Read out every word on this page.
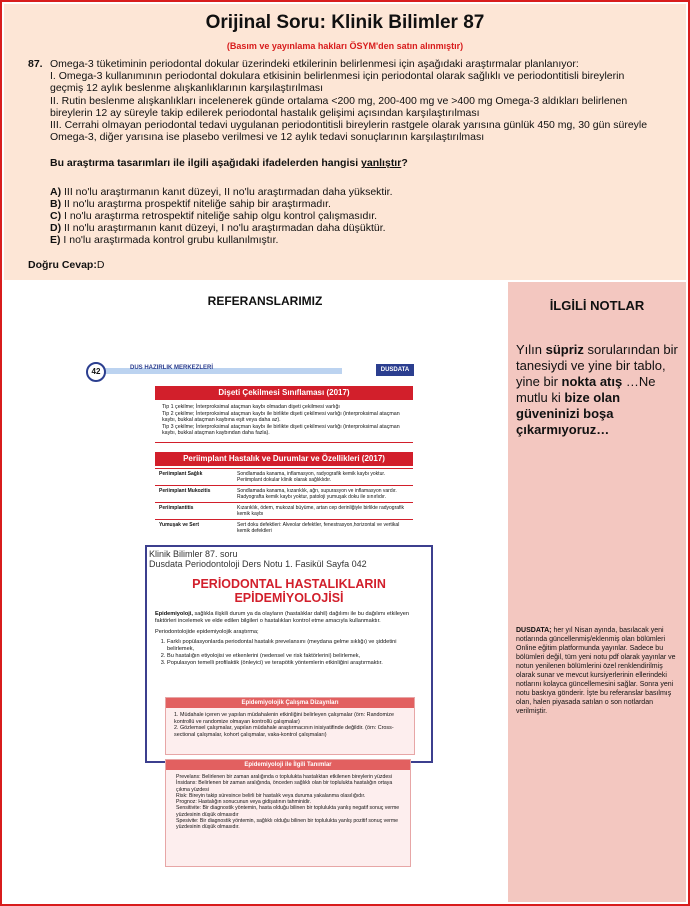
Orijinal Soru: Klinik Bilimler 87
(Basım ve yayınlama hakları ÖSYM'den satın alınmıştır)
87. Omega-3 tüketiminin periodontal dokular üzerindeki etkilerinin belirlenmesi için aşağıdaki araştırmalar planlanıyor:
I. Omega-3 kullanımının periodontal dokulara etkisinin belirlenmesi için periodontal olarak sağlıklı ve periodontitisli bireylerin geçmiş 12 aylık beslenme alışkanlıklarının karşılaştırılması
II. Rutin beslenme alışkanlıkları incelenerek günde ortalama <200 mg, 200-400 mg ve >400 mg Omega-3 aldıkları belirlenen bireylerin 12 ay süreyle takip edilerek periodontal hastalık gelişimi açısından karşılaştırılması
III. Cerrahi olmayan periodontal tedavi uygulanan periodontitisli bireylerin rastgele olarak yarısına günlük 450 mg, 30 gün süreyle Omega-3, diğer yarısına ise plasebo verilmesi ve 12 aylık tedavi sonuçlarının karşılaştırılması
Bu araştırma tasarımları ile ilgili aşağıdaki ifadelerden hangisi yanlıştır?
A) III no'lu araştırmanın kanıt düzeyi, II no'lu araştırmadan daha yüksektir.
B) II no'lu araştırma prospektif niteliğe sahip bir araştırmadır.
C) I no'lu araştırma retrospektif niteliğe sahip olgu kontrol çalışmasıdır.
D) II no'lu araştırmanın kanıt düzeyi, I no'lu araştırmadan daha düşüktür.
E) I no'lu araştırmada kontrol grubu kullanılmıştır.
Doğru Cevap:D
REFERANSLARIMIZ
42	DUS HAZIRLIK MERKEZLERİ	DUSDATA
Dişeti Çekilmesi Sınıflaması (2017)
Tip 1 çekilme; İnterproksimal ataçman kaybı olmadan dişeti çekilmesi varlığı
Tip 2 çekilme; İnterproksimal ataçman kaybı ile birlikte dişeti çekilmesi varlığı (interproksimal ataçman kaybı, bukkal ataçman kaybına eşit veya daha az).
Tip 3 çekilme; İnterproksimal ataçman kaybı ile birlikte dişeti çekilmesi varlığı (interproksimal ataçman kaybı, bukkal ataçman kaybından daha fazla).
Periimplant Hastalık ve Durumlar ve Özellikleri (2017)
Periimplant Sağlık	Sondlamada kanama, inflamasyon, radyografik kemik kaybı yoktur. Periimplant dokular klinik olarak sağlıklıdır.
Periimplant Mukozitis	Sondlamada kanama, kızarıklık, ağrı, supurasyon ve inflamasyon vardır. Radyografta kemik kaybı yoktur, patoloji yumuşak doku ile sınırlıdır.
Periimplantitis	Kızarıklık, ödem, mukozal büyüme, artan cep derinliğiyle birlikte radyografik kemik kaybı
Yumuşak ve Sert	Sert doku defektleri: Alveolar defektler, fenestrasyon,horizontal ve vertikal kemik defektleri
Klinik Bilimler 87. soru
Dusdata Periodontoloji Ders Notu 1. Fasikül Sayfa 042
PERİODONTAL HASTALIKLARIN
EPİDEMİYOLOJİSİ
Epidemiyoloji, sağlıkla ilişkili durum ya da olayların (hastalıklar dahil) dağılımı ile bu dağılımı etkileyen faktörleri incelemek ve elde edilen bilgileri o hastalıkları kontrol etme amacıyla kullanmaktır.
Periodontolojide epidemiyolojik araştırma;
1. Farklı popülasyonlarda periodontal hastalık prevelansını (meydana gelme sıklığı) ve şiddetini belirlemek,
2. Bu hastalığın etiyolojisi ve etkenlerini (nedensel ve risk faktörlerini) belirlemek,
3. Populasyon temelli profilaktik (önleyici) ve terapötik yöntemlerin etkinliğini araştırmaktır.
Epidemiyolojik Çalışma Dizaynları
1. Müdahale içeren ve yapılan müdahalenin etkinliğini belirleyen çalışmalar (örn: Randomize kontrollü ve randomize olmayan kontrollü çalışmalar)
2. Gözlemsel çalışmalar, yapılan müdahale araştırmacının inisiyatifinde değildir. (örn: Cross-sectional çalışmalar, kohort çalışmalar, vaka-kontrol çalışmaları)
Epidemiyoloji ile İlgili Tanımlar
Prevelans: Belirlenen bir zaman aralığında o toplulukta hastalıktan etkilenen bireylerin yüzdesi
İnsidans: Belirlenen bir zaman aralığında, önceden sağlıklı olan bir toplulukta hastalığın ortaya çıkma yüzdesi
Risk: Bireyin takip süresince belirli bir hastalık veya duruma yakalanma olasılığıdır.
Prognoz: Hastalığın sonucunun veya gidişatının tahminidir.
Sensitivite: Bir diagnostik yöntemin, hasta olduğu bilinen bir toplulukta yanlış negatif sonuç verme yüzdesinin düşük olmasıdır
Spesivite: Bir diagnostik yöntemin, sağlıklı olduğu bilinen bir toplulukta yanlış pozitif sonuç verme yüzdesinin düşük olmasıdır.
İLGİLİ NOTLAR
Yılın süpriz sorularından bir tanesiydi ve yine bir tablo, yine bir nokta atış …Ne mutlu ki bize olan güveninizi boşa çıkarmıyoruz…
DUSDATA; her yıl Nisan ayında, basılacak yeni notlarında güncellenmiş/eklenmiş olan bölümleri Online eğitim platformunda yayınlar. Sadece bu bölümleri değil, tüm yeni notu pdf olarak yayınlar ve notun yenilenen bölümlerini özel renklendirilmiş olarak sunar ve mevcut kursiyerlerinin ellerindeki notlarını kolayca güncellemesini sağlar. Sonra yeni notu baskıya gönderir. İşte bu referanslar basılmış olan, halen piyasada satılan o son notlardan verilmiştir.
